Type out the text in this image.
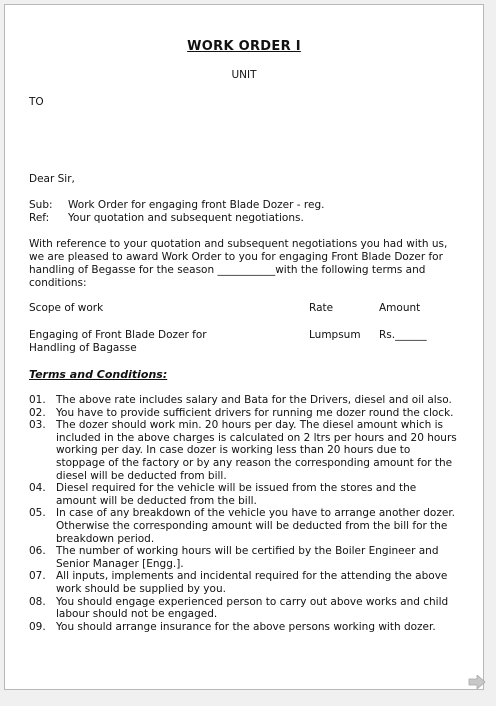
WORK ORDER I
UNIT
TO
Dear Sir,
Sub: Work Order for engaging front Blade Dozer - reg.
Ref: Your quotation and subsequent negotiations.
With reference to your quotation and subsequent negotiations you had with us,
we are pleased to award Work Order to you for engaging Front Blade Dozer for
handling of Begasse for the season ___________with the following terms and
conditions:
Scope of work	Rate	Amount
Engaging of Front Blade Dozer for
Handling of Bagasse
Lumpsum Rs.______
Terms and Conditions:
01. The above rate includes salary and Bata for the Drivers, diesel and oil also.
02. You have to provide sufficient drivers for running me dozer round the clock.
03. The dozer should work min. 20 hours per day. The diesel amount which is
included in the above charges is calculated on 2 ltrs per hours and 20 hours
working per day. In case dozer is working less than 20 hours due to
stoppage of the factory or by any reason the corresponding amount for the
diesel will be deducted from bill.
04. Diesel required for the vehicle will be issued from the stores and the
amount will be deducted from the bill.
05. In case of any breakdown of the vehicle you have to arrange another dozer.
Otherwise the corresponding amount will be deducted from the bill for the
breakdown period.
06. The number of working hours will be certified by the Boiler Engineer and
Senior Manager [Engg.].
07. All inputs, implements and incidental required for the attending the above
work should be supplied by you.
08. You should engage experienced person to carry out above works and child
labour should not be engaged.
09. You should arrange insurance for the above persons working with dozer.
